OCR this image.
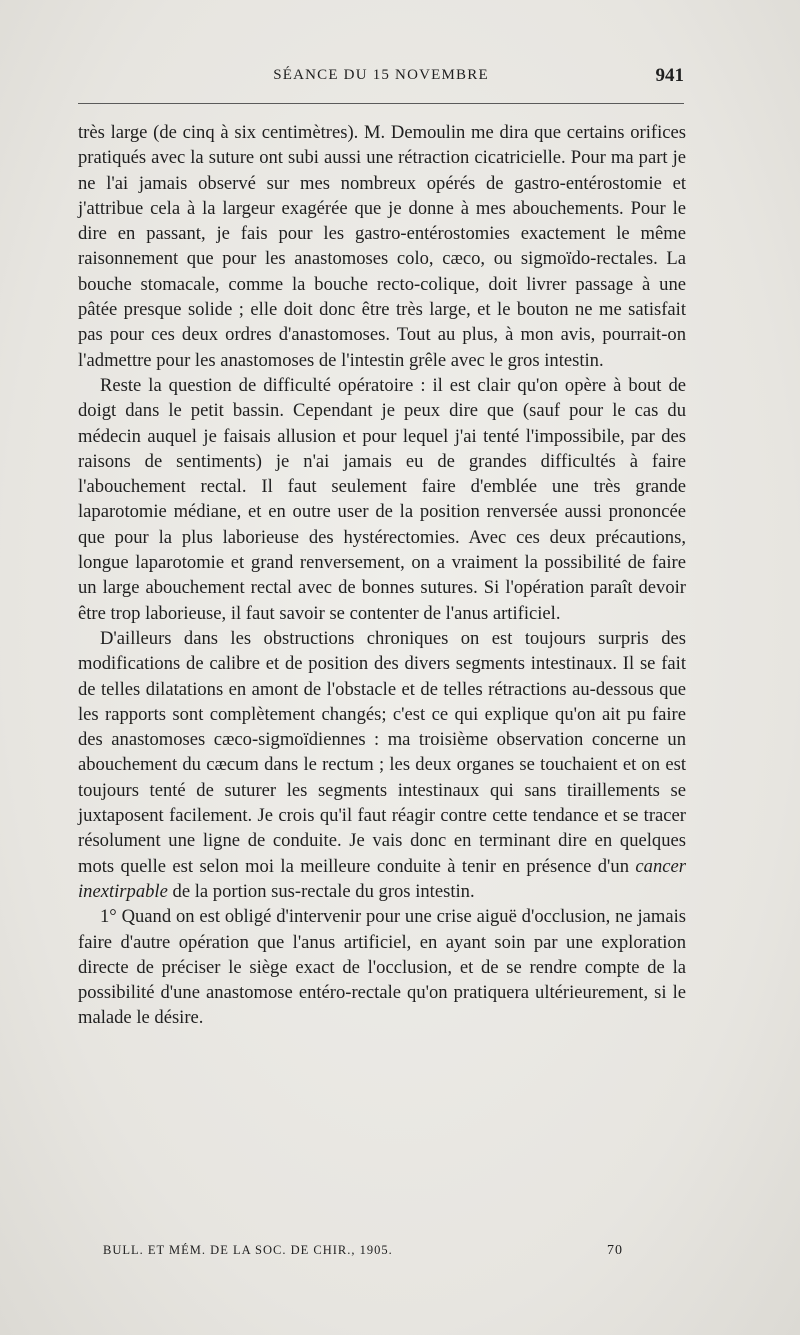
SÉANCE DU 15 NOVEMBRE	941

très large (de cinq à six centimètres). M. Demoulin me dira que certains orifices pratiqués avec la suture ont subi aussi une rétraction cicatricielle. Pour ma part je ne l'ai jamais observé sur mes nombreux opérés de gastro-entérostomie et j'attribue cela à la largeur exagérée que je donne à mes abouchements. Pour le dire en passant, je fais pour les gastro-entérostomies exactement le même raisonnement que pour les anastomoses colo, cæco, ou sigmoïdo-rectales. La bouche stomacale, comme la bouche recto-colique, doit livrer passage à une pâtée presque solide ; elle doit donc être très large, et le bouton ne me satisfait pas pour ces deux ordres d'anastomoses. Tout au plus, à mon avis, pourrait-on l'admettre pour les anastomoses de l'intestin grêle avec le gros intestin.

Reste la question de difficulté opératoire : il est clair qu'on opère à bout de doigt dans le petit bassin. Cependant je peux dire que (sauf pour le cas du médecin auquel je faisais allusion et pour lequel j'ai tenté l'impossibile, par des raisons de sentiments) je n'ai jamais eu de grandes difficultés à faire l'abouchement rectal. Il faut seulement faire d'emblée une très grande laparotomie médiane, et en outre user de la position renversée aussi prononcée que pour la plus laborieuse des hystérectomies. Avec ces deux précautions, longue laparotomie et grand renversement, on a vraiment la possibilité de faire un large abouchement rectal avec de bonnes sutures. Si l'opération paraît devoir être trop laborieuse, il faut savoir se contenter de l'anus artificiel.

D'ailleurs dans les obstructions chroniques on est toujours surpris des modifications de calibre et de position des divers segments intestinaux. Il se fait de telles dilatations en amont de l'obstacle et de telles rétractions au-dessous que les rapports sont complètement changés; c'est ce qui explique qu'on ait pu faire des anastomoses cæco-sigmoïdiennes : ma troisième observation concerne un abouchement du cæcum dans le rectum ; les deux organes se touchaient et on est toujours tenté de suturer les segments intestinaux qui sans tiraillements se juxtaposent facilement. Je crois qu'il faut réagir contre cette tendance et se tracer résolument une ligne de conduite. Je vais donc en terminant dire en quelques mots quelle est selon moi la meilleure conduite à tenir en présence d'un cancer inextirpable de la portion sus-rectale du gros intestin.

1° Quand on est obligé d'intervenir pour une crise aiguë d'occlusion, ne jamais faire d'autre opération que l'anus artificiel, en ayant soin par une exploration directe de préciser le siège exact de l'occlusion, et de se rendre compte de la possibilité d'une anastomose entéro-rectale qu'on pratiquera ultérieurement, si le malade le désire.

BULL. ET MÉM. DE LA SOC. DE CHIR., 1905.	70
